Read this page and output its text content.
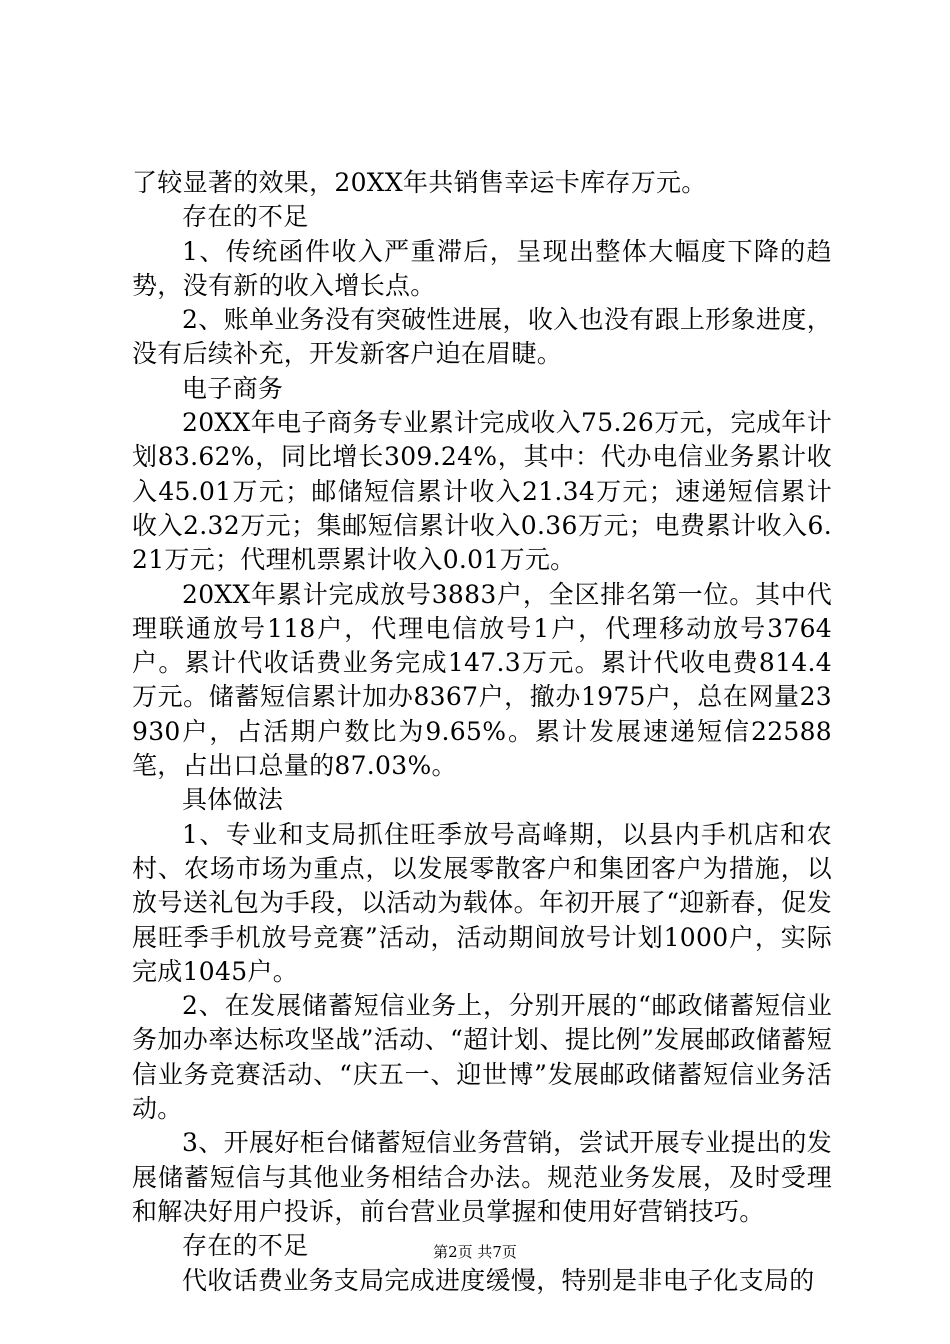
了较显著的效果，20XX年共销售幸运卡库存万元。

存在的不足

1、传统函件收入严重滞后，呈现出整体大幅度下降的趋势，没有新的收入增长点。

2、账单业务没有突破性进展，收入也没有跟上形象进度，没有后续补充，开发新客户迫在眉睫。

电子商务

20XX年电子商务专业累计完成收入75.26万元，完成年计划83.62%，同比增长309.24%，其中：代办电信业务累计收入45.01万元；邮储短信累计收入21.34万元；速递短信累计收入2.32万元；集邮短信累计收入0.36万元；电费累计收入6.21万元；代理机票累计收入0.01万元。

20XX年累计完成放号3883户，全区排名第一位。其中代理联通放号118户，代理电信放号1户，代理移动放号3764户。累计代收话费业务完成147.3万元。累计代收电费814.4万元。储蓄短信累计加办8367户，撤办1975户，总在网量23930户，占活期户数比为9.65%。累计发展速递短信22588笔，占出口总量的87.03%。

具体做法

1、专业和支局抓住旺季放号高峰期，以县内手机店和农村、农场市场为重点，以发展零散客户和集团客户为措施，以放号送礼包为手段，以活动为载体。年初开展了“迎新春，促发展旺季手机放号竞赛”活动，活动期间放号计划1000户，实际完成1045户。

2、在发展储蓄短信业务上，分别开展的“邮政储蓄短信业务加办率达标攻坚战”活动、“超计划、提比例”发展邮政储蓄短信业务竞赛活动、“庆五一、迎世博”发展邮政储蓄短信业务活动。

3、开展好柜台储蓄短信业务营销，尝试开展专业提出的发展储蓄短信与其他业务相结合办法。规范业务发展，及时受理和解决好用户投诉，前台营业员掌握和使用好营销技巧。

存在的不足

代收话费业务支局完成进度缓慢，特别是非电子化支局的

第2页 共7页
